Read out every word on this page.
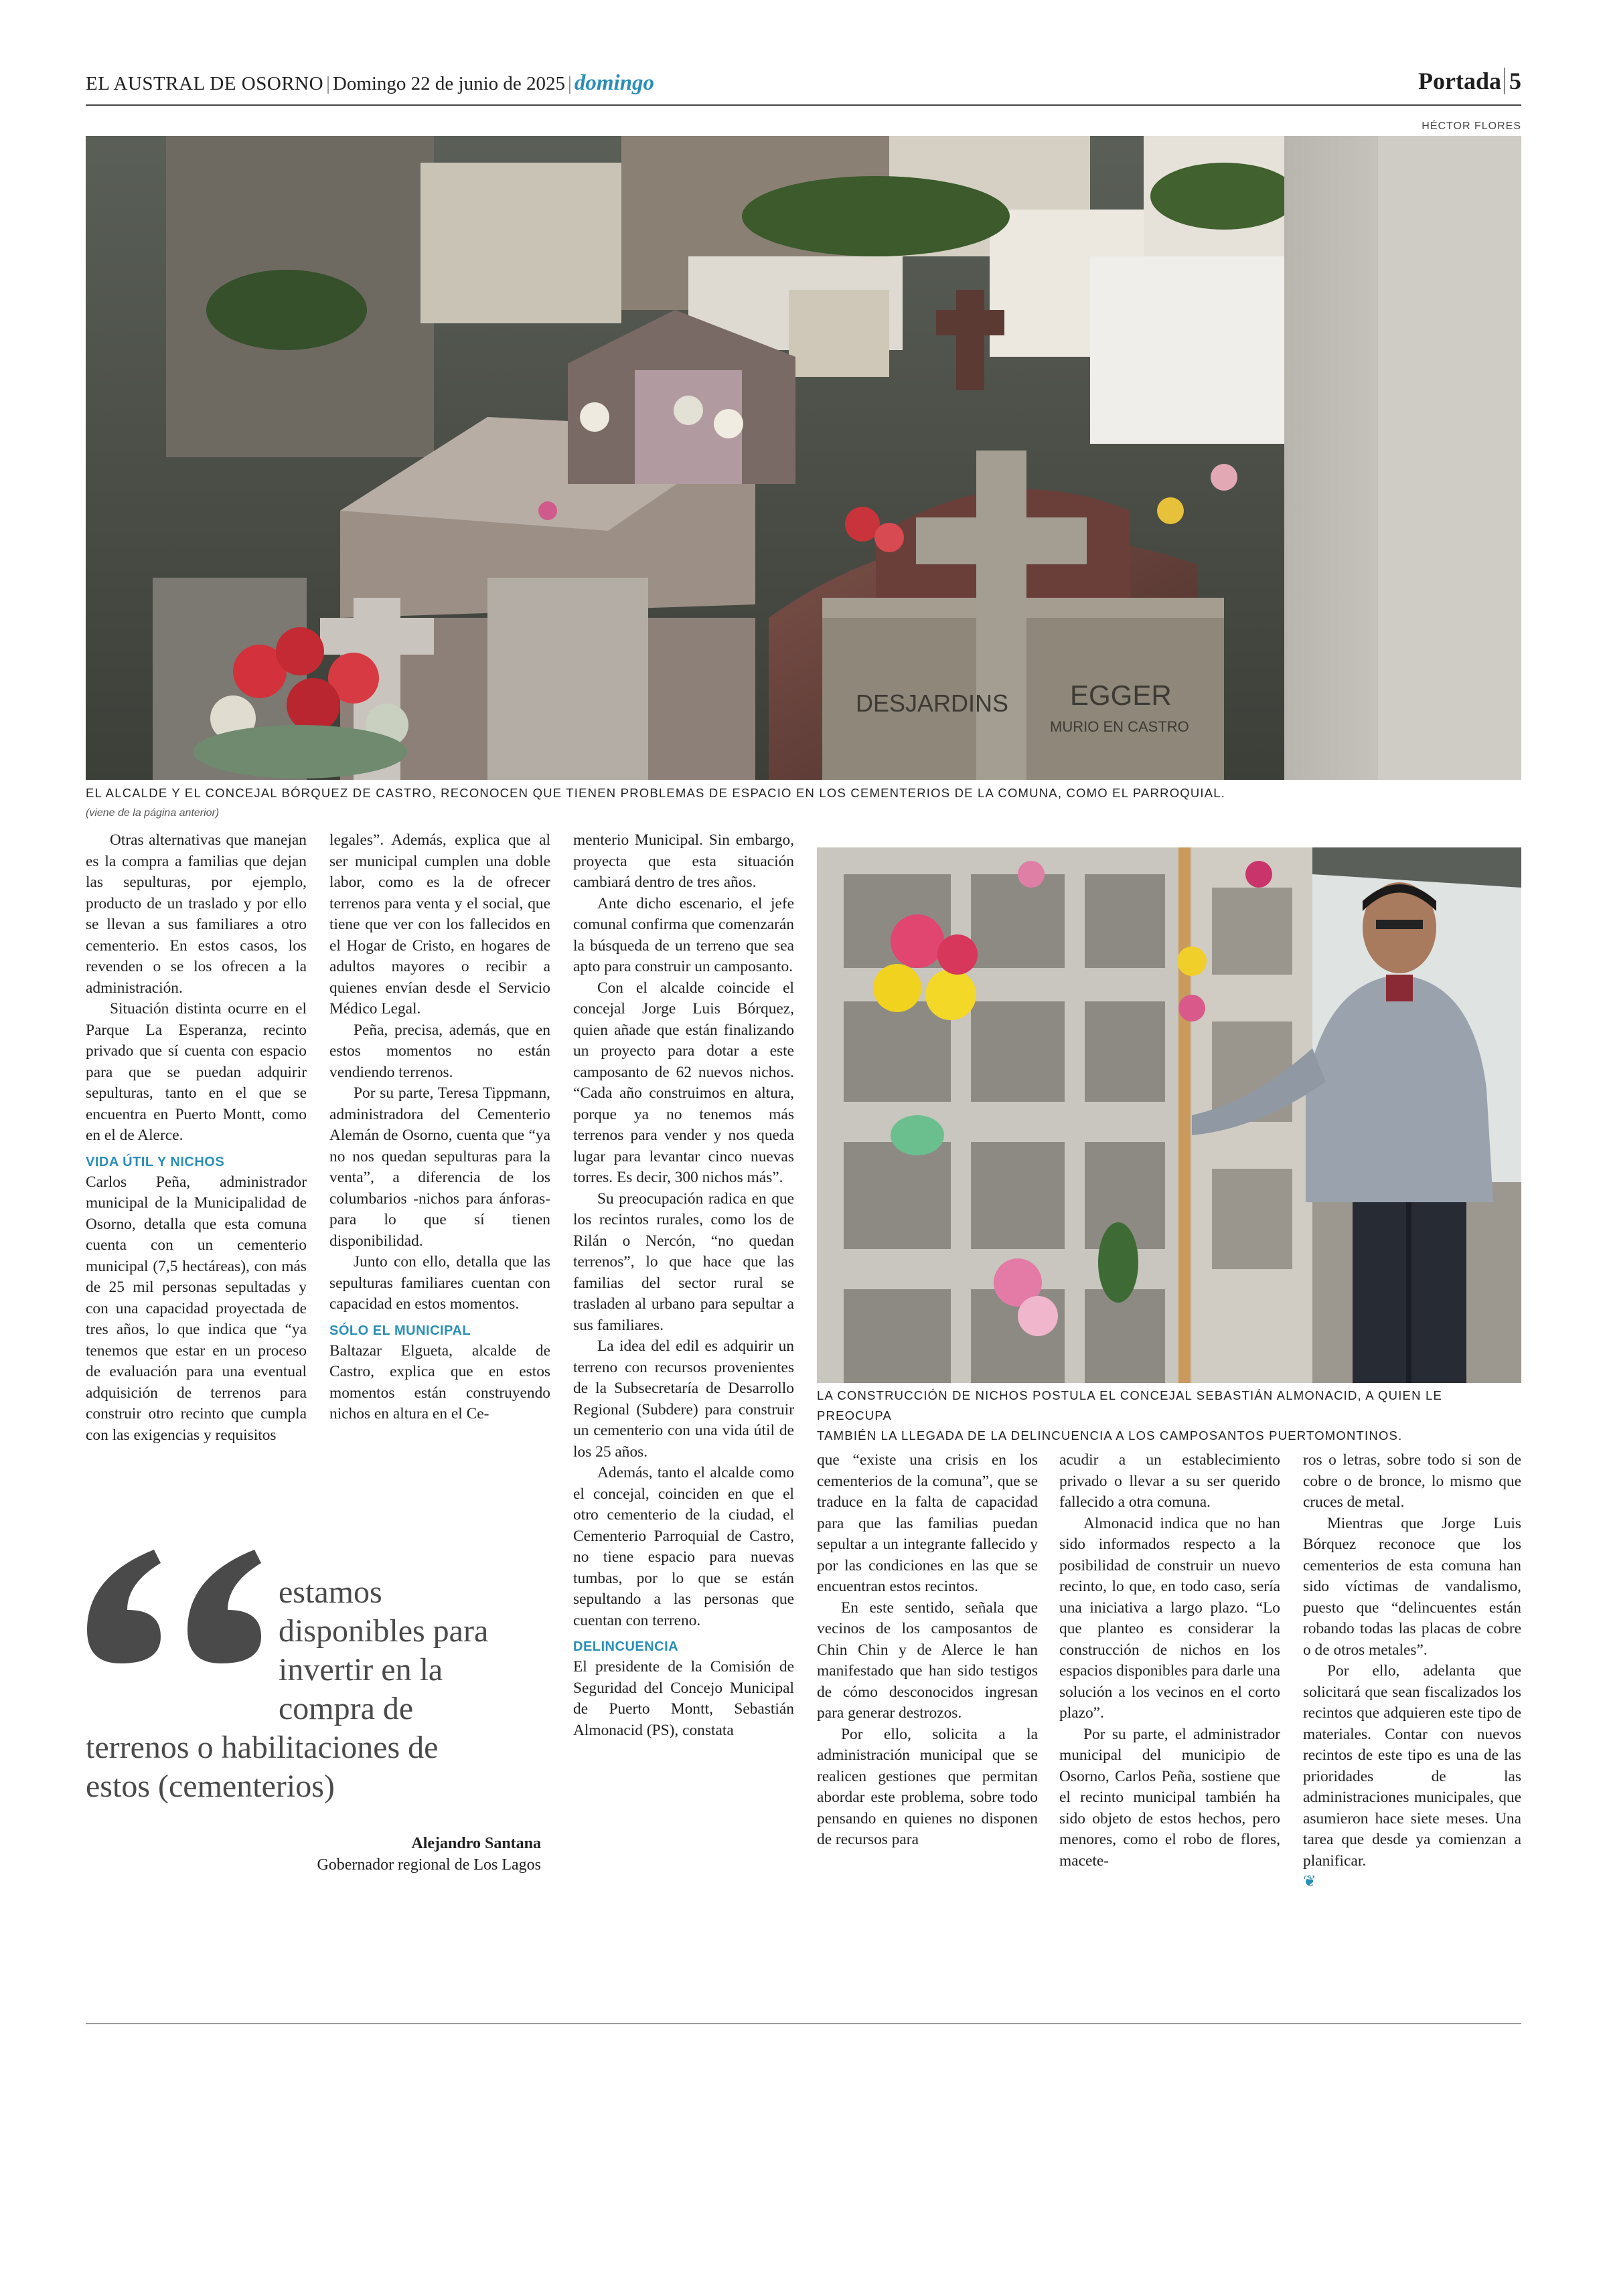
EL AUSTRAL DE OSORNO | Domingo 22 de junio de 2025 | domingo	Portada 5
HÉCTOR FLORES
DESJARDINS EGGER
MURIO EN CASTRO
EL ALCALDE Y EL CONCEJAL BÓRQUEZ DE CASTRO, RECONOCEN QUE TIENEN PROBLEMAS DE ESPACIO EN LOS CEMENTERIOS DE LA COMUNA, COMO EL PARROQUIAL.
(viene de la página anterior)
LA CONSTRUCCIÓN DE NICHOS POSTULA EL CONCEJAL SEBASTIÁN ALMONACID, A QUIEN LE PREOCUPA
TAMBIÉN LA LLEGADA DE LA DELINCUENCIA A LOS CAMPOSANTOS PUERTOMONTINOS.

Otras alternativas que manejan es la compra a familias que dejan las sepulturas, por ejemplo, producto de un traslado y por ello se llevan a sus familiares a otro cementerio. En estos casos, los revenden o se los ofrecen a la administración.

Situación distinta ocurre en el Parque La Esperanza, recinto privado que sí cuenta con espacio para que se puedan adquirir sepulturas, tanto en el que se encuentra en Puerto Montt, como en el de Alerce.

VIDA ÚTIL Y NICHOS

Carlos Peña, administrador municipal de la Municipalidad de Osorno, detalla que esta comuna cuenta con un cementerio municipal (7,5 hectáreas), con más de 25 mil personas sepultadas y con una capacidad proyectada de tres años, lo que indica que “ya tenemos que estar en un proceso de evaluación para una eventual adquisición de terrenos para construir otro recinto que cumpla con las exigencias y requisitos

legales”. Además, explica que al ser municipal cumplen una doble labor, como es la de ofrecer terrenos para venta y el social, que tiene que ver con los fallecidos en el Hogar de Cristo, en hogares de adultos mayores o recibir a quienes envían desde el Servicio Médico Legal.

Peña, precisa, además, que en estos momentos no están vendiendo terrenos.

Por su parte, Teresa Tippmann, administradora del Cementerio Alemán de Osorno, cuenta que “ya no nos quedan sepulturas para la venta”, a diferencia de los columbarios -nichos para ánforas- para lo que sí tienen disponibilidad.

Junto con ello, detalla que las sepulturas familiares cuentan con capacidad en estos momentos.

SÓLO EL MUNICIPAL

Baltazar Elgueta, alcalde de Castro, explica que en estos momentos están construyendo nichos en altura en el Ce-

menterio Municipal. Sin embargo, proyecta que esta situación cambiará dentro de tres años.

Ante dicho escenario, el jefe comunal confirma que comenzarán la búsqueda de un terreno que sea apto para construir un camposanto.

Con el alcalde coincide el concejal Jorge Luis Bórquez, quien añade que están finalizando un proyecto para dotar a este camposanto de 62 nuevos nichos. “Cada año construimos en altura, porque ya no tenemos más terrenos para vender y nos queda lugar para levantar cinco nuevas torres. Es decir, 300 nichos más”.

Su preocupación radica en que los recintos rurales, como los de Rilán o Nercón, “no quedan terrenos”, lo que hace que las familias del sector rural se trasladen al urbano para sepultar a sus familiares.

La idea del edil es adquirir un terreno con recursos provenientes de la Subsecretaría de Desarrollo Regional (Subdere) para construir un cementerio con una vida útil de los 25 años.

Además, tanto el alcalde como el concejal, coinciden en que el otro cementerio de la ciudad, el Cementerio Parroquial de Castro, no tiene espacio para nuevas tumbas, por lo que se están sepultando a las personas que cuentan con terreno.

DELINCUENCIA

El presidente de la Comisión de Seguridad del Concejo Municipal de Puerto Montt, Sebastián Almonacid (PS), constata

que “existe una crisis en los cementerios de la comuna”, que se traduce en la falta de capacidad para que las familias puedan sepultar a un integrante fallecido y por las condiciones en las que se encuentran estos recintos.

En este sentido, señala que vecinos de los camposantos de Chin Chin y de Alerce le han manifestado que han sido testigos de cómo desconocidos ingresan para generar destrozos.

Por ello, solicita a la administración municipal que se realicen gestiones que permitan abordar este problema, sobre todo pensando en quienes no disponen de recursos para

acudir a un establecimiento privado o llevar a su ser querido fallecido a otra comuna.

Almonacid indica que no han sido informados respecto a la posibilidad de construir un nuevo recinto, lo que, en todo caso, sería una iniciativa a largo plazo. “Lo que planteo es considerar la construcción de nichos en los espacios disponibles para darle una solución a los vecinos en el corto plazo”.

Por su parte, el administrador municipal del municipio de Osorno, Carlos Peña, sostiene que el recinto municipal también ha sido objeto de estos hechos, pero menores, como el robo de flores, macete-

ros o letras, sobre todo si son de cobre o de bronce, lo mismo que cruces de metal.

Mientras que Jorge Luis Bórquez reconoce que los cementerios de esta comuna han sido víctimas de vandalismo, puesto que “delincuentes están robando todas las placas de cobre o de otros metales”.

Por ello, adelanta que solicitará que sean fiscalizados los recintos que adquieren este tipo de materiales. Contar con nuevos recintos de este tipo es una de las prioridades de las administraciones municipales, que asumieron hace siete meses. Una tarea que desde ya comienzan a planificar.

❦
estamos
disponibles para
invertir en la
compra de
terrenos o habilitaciones de
estos (cementerios)
Alejandro Santana
Gobernador regional de Los Lagos
